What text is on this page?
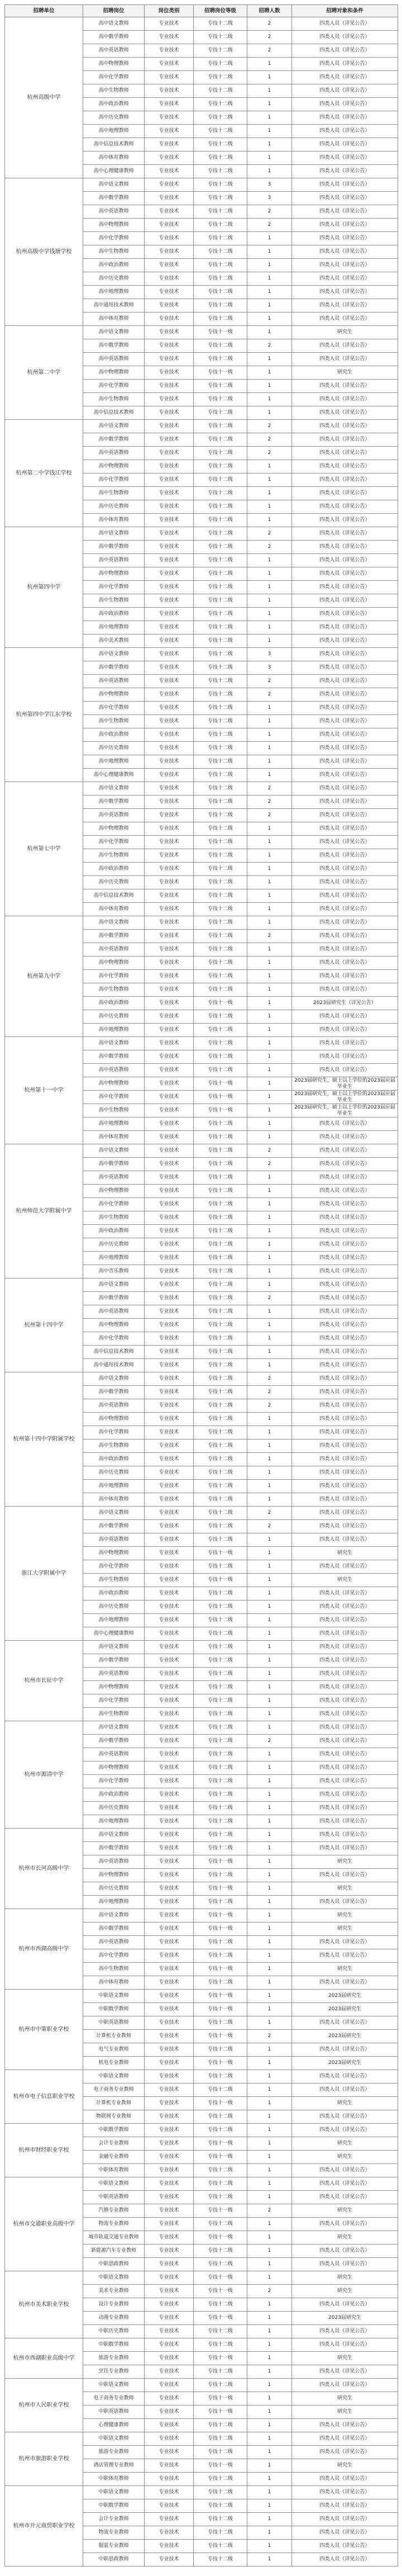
招聘单位	招聘岗位	岗位类别	招聘岗位等级	招聘人数	招聘对象和条件
杭州高级中学	高中语文教师	专业技术	专技十二级	2	四类人员（详见公告）
	高中数学教师	专业技术	专技十二级	2	四类人员（详见公告）
	高中英语教师	专业技术	专技十二级	2	四类人员（详见公告）
	高中物理教师	专业技术	专技十二级	1	四类人员（详见公告）
	高中化学教师	专业技术	专技十二级	1	四类人员（详见公告）
	高中生物教师	专业技术	专技十二级	1	四类人员（详见公告）
	高中政治教师	专业技术	专技十二级	1	四类人员（详见公告）
	高中历史教师	专业技术	专技十二级	1	四类人员（详见公告）
	高中地理教师	专业技术	专技十二级	1	四类人员（详见公告）
	高中信息技术教师	专业技术	专技十二级	1	四类人员（详见公告）
	高中体育教师	专业技术	专技十二级	1	四类人员（详见公告）
	高中心理健康教师	专业技术	专技十二级	1	四类人员（详见公告）
杭州高级中学钱塘学校	高中语文教师	专业技术	专技十二级	3	四类人员（详见公告）
	高中数学教师	专业技术	专技十二级	3	四类人员（详见公告）
	高中英语教师	专业技术	专技十二级	2	四类人员（详见公告）
	高中物理教师	专业技术	专技十二级	2	四类人员（详见公告）
	高中化学教师	专业技术	专技十二级	1	四类人员（详见公告）
	高中生物教师	专业技术	专技十二级	1	四类人员（详见公告）
	高中政治教师	专业技术	专技十二级	1	四类人员（详见公告）
	高中历史教师	专业技术	专技十二级	1	四类人员（详见公告）
	高中地理教师	专业技术	专技十二级	1	四类人员（详见公告）
	高中通用技术教师	专业技术	专技十二级	1	四类人员（详见公告）
	高中体育教师	专业技术	专技十二级	1	四类人员（详见公告）
杭州第二中学	高中语文教师	专业技术	专技十一级	1	研究生
	高中数学教师	专业技术	专技十二级	2	四类人员（详见公告）
	高中英语教师	专业技术	专技十二级	1	四类人员（详见公告）
	高中物理教师	专业技术	专技十一级	1	研究生
	高中化学教师	专业技术	专技十二级	1	四类人员（详见公告）
	高中生物教师	专业技术	专技十二级	1	四类人员（详见公告）
	高中信息技术教师	专业技术	专技十二级	1	四类人员（详见公告）
杭州第二中学钱江学校	高中语文教师	专业技术	专技十二级	2	四类人员（详见公告）
	高中数学教师	专业技术	专技十二级	2	四类人员（详见公告）
	高中英语教师	专业技术	专技十二级	2	四类人员（详见公告）
	高中物理教师	专业技术	专技十二级	1	四类人员（详见公告）
	高中化学教师	专业技术	专技十二级	1	四类人员（详见公告）
	高中生物教师	专业技术	专技十二级	1	四类人员（详见公告）
	高中历史教师	专业技术	专技十二级	1	四类人员（详见公告）
	高中体育教师	专业技术	专技十二级	1	四类人员（详见公告）
杭州第四中学	高中语文教师	专业技术	专技十二级	2	四类人员（详见公告）
	高中数学教师	专业技术	专技十二级	2	四类人员（详见公告）
	高中英语教师	专业技术	专技十二级	1	四类人员（详见公告）
	高中物理教师	专业技术	专技十二级	1	四类人员（详见公告）
	高中化学教师	专业技术	专技十二级	1	四类人员（详见公告）
	高中生物教师	专业技术	专技十二级	1	四类人员（详见公告）
	高中政治教师	专业技术	专技十二级	1	四类人员（详见公告）
	高中地理教师	专业技术	专技十二级	1	四类人员（详见公告）
	高中美术教师	专业技术	专技十二级	1	四类人员（详见公告）
杭州第四中学江东学校	高中语文教师	专业技术	专技十二级	3	四类人员（详见公告）
	高中数学教师	专业技术	专技十二级	3	四类人员（详见公告）
	高中英语教师	专业技术	专技十二级	2	四类人员（详见公告）
	高中物理教师	专业技术	专技十二级	2	四类人员（详见公告）
	高中化学教师	专业技术	专技十二级	1	四类人员（详见公告）
	高中生物教师	专业技术	专技十二级	1	四类人员（详见公告）
	高中政治教师	专业技术	专技十二级	1	四类人员（详见公告）
	高中历史教师	专业技术	专技十二级	1	四类人员（详见公告）
	高中地理教师	专业技术	专技十二级	1	四类人员（详见公告）
	高中心理健康教师	专业技术	专技十二级	1	四类人员（详见公告）
杭州第七中学	高中语文教师	专业技术	专技十二级	2	四类人员（详见公告）
	高中数学教师	专业技术	专技十二级	2	四类人员（详见公告）
	高中英语教师	专业技术	专技十二级	2	四类人员（详见公告）
	高中物理教师	专业技术	专技十二级	1	四类人员（详见公告）
	高中化学教师	专业技术	专技十二级	1	四类人员（详见公告）
	高中生物教师	专业技术	专技十二级	1	四类人员（详见公告）
	高中政治教师	专业技术	专技十二级	1	四类人员（详见公告）
	高中历史教师	专业技术	专技十二级	1	四类人员（详见公告）
	高中信息技术教师	专业技术	专技十二级	1	四类人员（详见公告）
	高中体育教师	专业技术	专技十二级	1	四类人员（详见公告）
杭州第九中学	高中语文教师	专业技术	专技十二级	1	四类人员（详见公告）
	高中数学教师	专业技术	专技十二级	2	四类人员（详见公告）
	高中英语教师	专业技术	专技十二级	1	四类人员（详见公告）
	高中物理教师	专业技术	专技十二级	1	四类人员（详见公告）
	高中化学教师	专业技术	专技十二级	1	四类人员（详见公告）
	高中生物教师	专业技术	专技十二级	1	四类人员（详见公告）
	高中政治教师	专业技术	专技十一级	1	2023届研究生（详见公告）
	高中历史教师	专业技术	专技十二级	1	四类人员（详见公告）
	高中地理教师	专业技术	专技十二级	1	四类人员（详见公告）
杭州第十一中学	高中语文教师	专业技术	专技十二级	1	四类人员（详见公告）
	高中数学教师	专业技术	专技十二级	1	四类人员（详见公告）
	高中英语教师	专业技术	专技十二级	1	四类人员（详见公告）
	高中物理教师	专业技术	专技十一级	1	2023届研究生，硕士以上学位的2023届应届毕业生
	高中化学教师	专业技术	专技十一级	1	2023届研究生，硕士以上学位的2023届应届毕业生
	高中生物教师	专业技术	专技十一级	1	2023届研究生，硕士以上学位的2023届应届毕业生
	高中地理教师	专业技术	专技十二级	1	四类人员（详见公告）
	高中体育教师	专业技术	专技十二级	1	四类人员（详见公告）
杭州师范大学附属中学	高中语文教师	专业技术	专技十二级	2	四类人员（详见公告）
	高中数学教师	专业技术	专技十二级	2	四类人员（详见公告）
	高中英语教师	专业技术	专技十二级	1	四类人员（详见公告）
	高中物理教师	专业技术	专技十二级	1	四类人员（详见公告）
	高中化学教师	专业技术	专技十二级	1	四类人员（详见公告）
	高中生物教师	专业技术	专技十二级	1	四类人员（详见公告）
	高中政治教师	专业技术	专技十二级	1	四类人员（详见公告）
	高中历史教师	专业技术	专技十二级	1	四类人员（详见公告）
	高中地理教师	专业技术	专技十二级	1	四类人员（详见公告）
	高中音乐教师	专业技术	专技十二级	1	四类人员（详见公告）
杭州第十四中学	高中语文教师	专业技术	专技十二级	1	四类人员（详见公告）
	高中数学教师	专业技术	专技十二级	2	四类人员（详见公告）
	高中英语教师	专业技术	专技十二级	1	四类人员（详见公告）
	高中物理教师	专业技术	专技十二级	1	四类人员（详见公告）
	高中化学教师	专业技术	专技十二级	1	四类人员（详见公告）
	高中信息技术教师	专业技术	专技十二级	1	四类人员（详见公告）
	高中通用技术教师	专业技术	专技十二级	1	四类人员（详见公告）
杭州第十四中学附属学校	高中语文教师	专业技术	专技十二级	2	四类人员（详见公告）
	高中数学教师	专业技术	专技十二级	2	四类人员（详见公告）
	高中英语教师	专业技术	专技十二级	2	四类人员（详见公告）
	高中物理教师	专业技术	专技十二级	1	四类人员（详见公告）
	高中化学教师	专业技术	专技十二级	1	四类人员（详见公告）
	高中生物教师	专业技术	专技十二级	1	四类人员（详见公告）
	高中政治教师	专业技术	专技十二级	1	四类人员（详见公告）
	高中历史教师	专业技术	专技十二级	1	四类人员（详见公告）
	高中地理教师	专业技术	专技十二级	1	四类人员（详见公告）
	高中体育教师	专业技术	专技十二级	1	四类人员（详见公告）
浙江大学附属中学	高中语文教师	专业技术	专技十二级	2	四类人员（详见公告）
	高中数学教师	专业技术	专技十二级	2	四类人员（详见公告）
	高中英语教师	专业技术	专技十二级	1	四类人员（详见公告）
	高中物理教师	专业技术	专技十一级	1	研究生
	高中化学教师	专业技术	专技十二级	1	四类人员（详见公告）
	高中生物教师	专业技术	专技十一级	1	研究生
	高中政治教师	专业技术	专技十二级	1	四类人员（详见公告）
	高中历史教师	专业技术	专技十二级	1	四类人员（详见公告）
	高中地理教师	专业技术	专技十二级	1	四类人员（详见公告）
	高中心理健康教师	专业技术	专技十二级	1	四类人员（详见公告）
杭州市长征中学	高中语文教师	专业技术	专技十二级	1	四类人员（详见公告）
	高中数学教师	专业技术	专技十二级	1	四类人员（详见公告）
	高中英语教师	专业技术	专技十二级	1	四类人员（详见公告）
	高中物理教师	专业技术	专技十二级	1	四类人员（详见公告）
	高中化学教师	专业技术	专技十二级	1	四类人员（详见公告）
	高中生物教师	专业技术	专技十二级	1	四类人员（详见公告）
杭州市源清中学	高中语文教师	专业技术	专技十二级	1	四类人员（详见公告）
	高中数学教师	专业技术	专技十二级	2	四类人员（详见公告）
	高中英语教师	专业技术	专技十二级	1	四类人员（详见公告）
	高中物理教师	专业技术	专技十二级	1	四类人员（详见公告）
	高中化学教师	专业技术	专技十二级	1	四类人员（详见公告）
	高中政治教师	专业技术	专技十二级	1	四类人员（详见公告）
	高中历史教师	专业技术	专技十二级	1	四类人员（详见公告）
	高中地理教师	专业技术	专技十二级	1	四类人员（详见公告）
杭州市长河高级中学	高中语文教师	专业技术	专技十二级	1	四类人员（详见公告）
	高中数学教师	专业技术	专技十二级	1	四类人员（详见公告）
	高中英语教师	专业技术	专技十一级	1	研究生
	高中物理教师	专业技术	专技十二级	1	四类人员（详见公告）
	高中历史教师	专业技术	专技十一级	1	研究生
	高中地理教师	专业技术	专技十二级	1	四类人员（详见公告）
杭州市西湖高级中学	高中语文教师	专业技术	专技十一级	1	研究生
	高中数学教师	专业技术	专技十一级	1	研究生
	高中英语教师	专业技术	专技十二级	1	四类人员（详见公告）
	高中化学教师	专业技术	专技十二级	1	四类人员（详见公告）
	高中生物教师	专业技术	专技十一级	1	研究生
	高中体育教师	专业技术	专技十二级	1	四类人员（详见公告）
杭州市中策职业学校	中职语文教师	专业技术	专技十一级	1	2023届研究生
	中职数学教师	专业技术	专技十一级	1	2023届研究生
	中职英语教师	专业技术	专技十二级	1	四类人员（详见公告）
	计算机专业教师	专业技术	专技十一级	2	2023届研究生
	电气专业教师	专业技术	专技十二级	1	四类人员（详见公告）
	机电专业教师	专业技术	专技十一级	1	2023届研究生
杭州市电子信息职业学校	中职语文教师	专业技术	专技十二级	1	四类人员（详见公告）
	电子商务专业教师	专业技术	专技十二级	1	四类人员（详见公告）
	计算机专业教师	专业技术	专技十一级	1	研究生
	物联网专业教师	专业技术	专技十二级	1	四类人员（详见公告）
杭州市财经职业学校	中职数学教师	专业技术	专技十二级	1	四类人员（详见公告）
	会计专业教师	专业技术	专技十一级	1	研究生
	金融专业教师	专业技术	专技十一级	1	研究生
	中职体育教师	专业技术	专技十二级	1	四类人员（详见公告）
杭州市交通职业高级中学	中职语文教师	专业技术	专技十二级	1	四类人员（详见公告）
	中职英语教师	专业技术	专技十二级	1	四类人员（详见公告）
	汽修专业教师	专业技术	专技十一级	2	研究生
	物流专业教师	专业技术	专技十二级	1	四类人员（详见公告）
	城市轨道交通专业教师	专业技术	专技十一级	1	研究生
	新能源汽车专业教师	专业技术	专技十二级	1	四类人员（详见公告）
	中职思政教师	专业技术	专技十二级	1	四类人员（详见公告）
杭州市美术职业学校	中职语文教师	专业技术	专技十一级	1	研究生
	美术专业教师	专业技术	专技十一级	2	研究生
	设计专业教师	专业技术	专技十二级	1	四类人员（详见公告）
	动漫专业教师	专业技术	专技十一级	1	2023届研究生
	中职历史教师	专业技术	专技十二级	1	四类人员（详见公告）
杭州市西湖职业高级中学	中职数学教师	专业技术	专技十二级	1	四类人员（详见公告）
	旅游专业教师	专业技术	专技十一级	1	研究生
	烹饪专业教师	专业技术	专技十二级	1	四类人员（详见公告）
杭州市人民职业学校	中职语文教师	专业技术	专技十二级	1	四类人员（详见公告）
	电子商务专业教师	专业技术	专技十一级	1	研究生
	中职英语教师	专业技术	专技十一级	1	研究生
	心理健康教师	专业技术	专技十二级	1	四类人员（详见公告）
杭州市旅游职业学校	中职语文教师	专业技术	专技十二级	1	四类人员（详见公告）
	旅游专业教师	专业技术	专技十二级	1	四类人员（详见公告）
	酒店管理专业教师	专业技术	专技十一级	1	研究生
	中职体育教师	专业技术	专技十二级	1	四类人员（详见公告）
杭州市开元商贸职业学校	中职语文教师	专业技术	专技十二级	1	四类人员（详见公告）
	中职数学教师	专业技术	专技十二级	1	四类人员（详见公告）
	会计专业教师	专业技术	专技十二级	1	四类人员（详见公告）
	物流专业教师	专业技术	专技十二级	1	四类人员（详见公告）
	服装专业教师	专业技术	专技十二级	1	四类人员（详见公告）
	中职思政教师	专业技术	专技十二级	1	四类人员（详见公告）
